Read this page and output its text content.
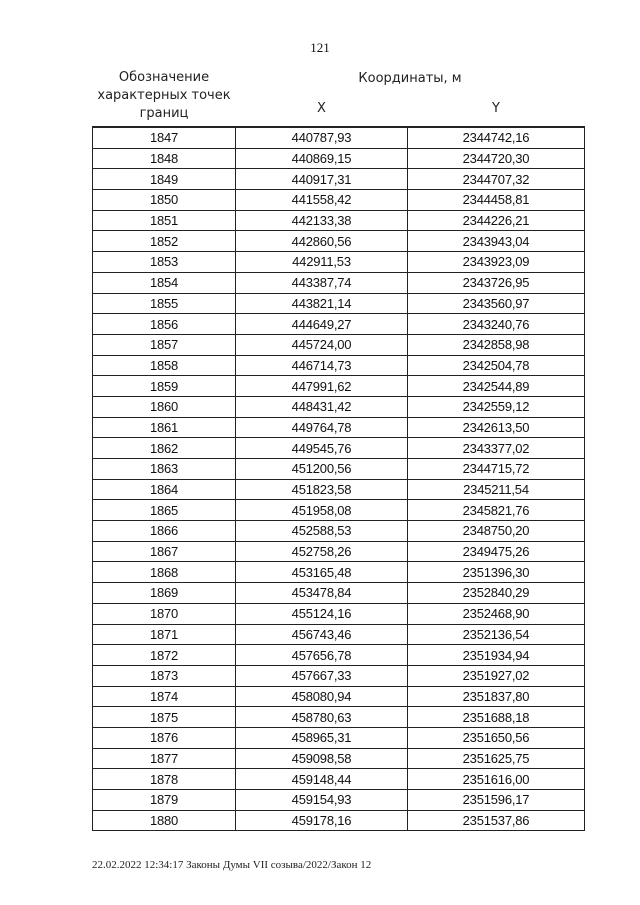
121
Обозначение характерных точек границ	Координаты, м	
	X	Y
1847	440787,93	2344742,16
1848	440869,15	2344720,30
1849	440917,31	2344707,32
1850	441558,42	2344458,81
1851	442133,38	2344226,21
1852	442860,56	2343943,04
1853	442911,53	2343923,09
1854	443387,74	2343726,95
1855	443821,14	2343560,97
1856	444649,27	2343240,76
1857	445724,00	2342858,98
1858	446714,73	2342504,78
1859	447991,62	2342544,89
1860	448431,42	2342559,12
1861	449764,78	2342613,50
1862	449545,76	2343377,02
1863	451200,56	2344715,72
1864	451823,58	2345211,54
1865	451958,08	2345821,76
1866	452588,53	2348750,20
1867	452758,26	2349475,26
1868	453165,48	2351396,30
1869	453478,84	2352840,29
1870	455124,16	2352468,90
1871	456743,46	2352136,54
1872	457656,78	2351934,94
1873	457667,33	2351927,02
1874	458080,94	2351837,80
1875	458780,63	2351688,18
1876	458965,31	2351650,56
1877	459098,58	2351625,75
1878	459148,44	2351616,00
1879	459154,93	2351596,17
1880	459178,16	2351537,86
22.02.2022 12:34:17 Законы Думы VII созыва/2022/Закон 12
